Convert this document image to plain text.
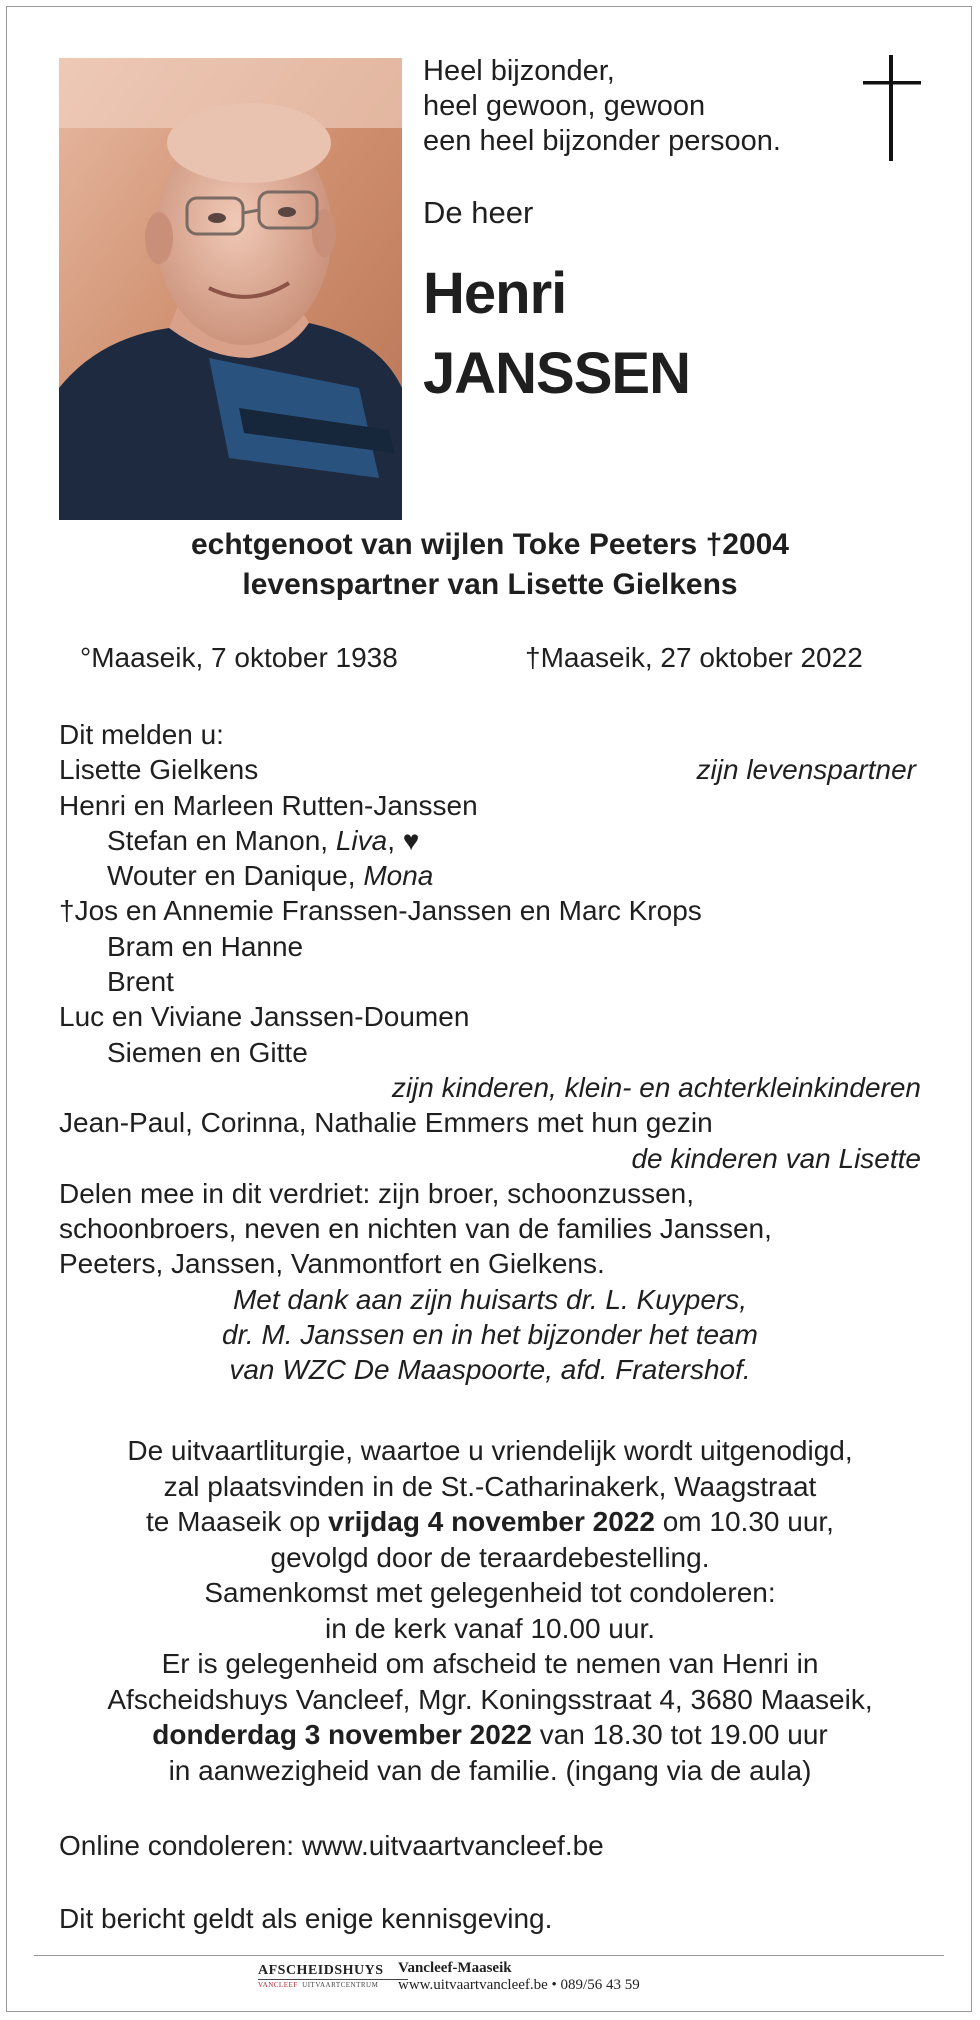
Heel bijzonder,
heel gewoon, gewoon
een heel bijzonder persoon.
De heer
Henri
JANSSEN
echtgenoot van wijlen Toke Peeters †2004
levenspartner van Lisette Gielkens
°Maaseik, 7 oktober 1938	†Maaseik, 27 oktober 2022
Dit melden u:
Lisette Gielkens	zijn levenspartner
Henri en Marleen Rutten-Janssen
Stefan en Manon, Liva, ♥
Wouter en Danique, Mona
†Jos en Annemie Franssen-Janssen en Marc Krops
Bram en Hanne
Brent
Luc en Viviane Janssen-Doumen
Siemen en Gitte
zijn kinderen, klein- en achterkleinkinderen
Jean-Paul, Corinna, Nathalie Emmers met hun gezin
de kinderen van Lisette
Delen mee in dit verdriet: zijn broer, schoonzussen,
schoonbroers, neven en nichten van de families Janssen,
Peeters, Janssen, Vanmontfort en Gielkens.
Met dank aan zijn huisarts dr. L. Kuypers,
dr. M. Janssen en in het bijzonder het team
van WZC De Maaspoorte, afd. Fratershof.
De uitvaartliturgie, waartoe u vriendelijk wordt uitgenodigd,
zal plaatsvinden in de St.-Catharinakerk, Waagstraat
te Maaseik op vrijdag 4 november 2022 om 10.30 uur,
gevolgd door de teraardebestelling.
Samenkomst met gelegenheid tot condoleren:
in de kerk vanaf 10.00 uur.
Er is gelegenheid om afscheid te nemen van Henri in
Afscheidshuys Vancleef, Mgr. Koningsstraat 4, 3680 Maaseik,
donderdag 3 november 2022 van 18.30 tot 19.00 uur
in aanwezigheid van de familie. (ingang via de aula)
Online condoleren: www.uitvaartvancleef.be
Dit bericht geldt als enige kennisgeving.
AFSCHEIDSHUYS
VANCLEEF UITVAARTCENTRUM
Vancleef-Maaseik
www.uitvaartvancleef.be • 089/56 43 59
